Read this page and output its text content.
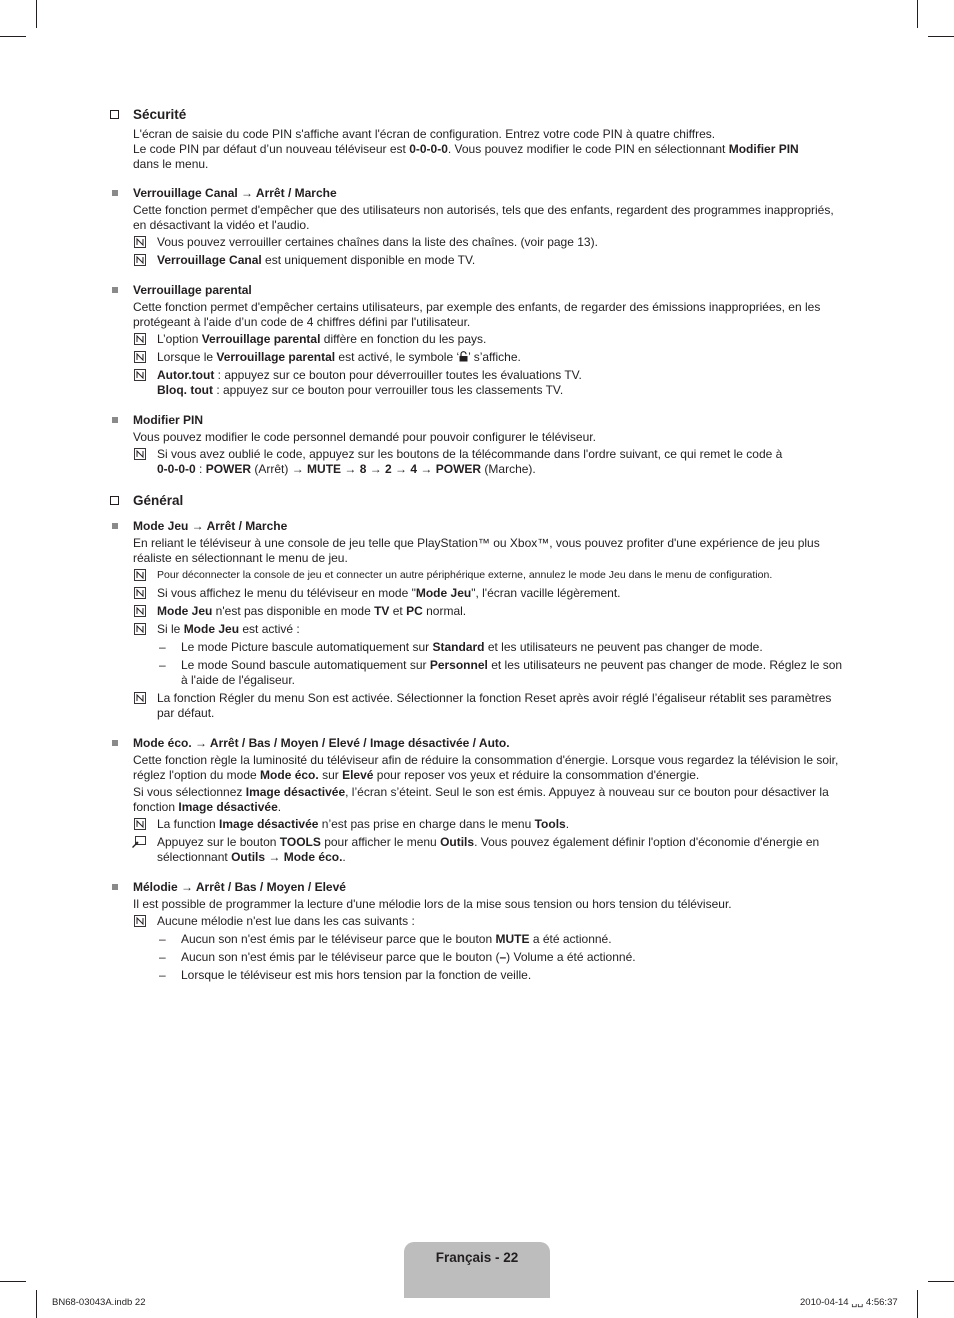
Sécurité
L'écran de saisie du code PIN s'affiche avant l'écran de configuration. Entrez votre code PIN à quatre chiffres.
Le code PIN par défaut d’un nouveau téléviseur est 0-0-0-0. Vous pouvez modifier le code PIN en sélectionnant Modifier PIN
dans le menu.
Verrouillage Canal → Arrêt / Marche
Cette fonction permet d'empêcher que des utilisateurs non autorisés, tels que des enfants, regardent des programmes inappropriés, en désactivant la vidéo et l'audio.
Vous pouvez verrouiller certaines chaînes dans la liste des chaînes. (voir page 13).
Verrouillage Canal est uniquement disponible en mode TV.
Verrouillage parental
Cette fonction permet d'empêcher certains utilisateurs, par exemple des enfants, de regarder des émissions inappropriées, en les protégeant à l'aide d’un code de 4 chiffres défini par l'utilisateur.
L’option Verrouillage parental diffère en fonction du les pays.
Lorsque le Verrouillage parental est activé, le symbole ‘ ’ s’affiche.
Autor.tout : appuyez sur ce bouton pour déverrouiller toutes les évaluations TV.
Bloq. tout : appuyez sur ce bouton pour verrouiller tous les classements TV.
Modifier PIN
Vous pouvez modifier le code personnel demandé pour pouvoir configurer le téléviseur.
Si vous avez oublié le code, appuyez sur les boutons de la télécommande dans l'ordre suivant, ce qui remet le code à
0-0-0-0 : POWER (Arrêt) → MUTE → 8 → 2 → 4 → POWER (Marche).
Général
Mode Jeu → Arrêt / Marche
En reliant le téléviseur à une console de jeu telle que PlayStation™ ou Xbox™, vous pouvez profiter d'une expérience de jeu plus réaliste en sélectionnant le menu de jeu.
Pour déconnecter la console de jeu et connecter un autre périphérique externe, annulez le mode Jeu dans le menu de configuration.
Si vous affichez le menu du téléviseur en mode "Mode Jeu", l'écran vacille légèrement.
Mode Jeu n'est pas disponible en mode TV et PC normal.
Si le Mode Jeu est activé :
– Le mode Picture bascule automatiquement sur Standard et les utilisateurs ne peuvent pas changer de mode.
– Le mode Sound bascule automatiquement sur Personnel et les utilisateurs ne peuvent pas changer de mode. Réglez le son à l'aide de l'égaliseur.
La fonction Régler du menu Son est activée. Sélectionner la fonction Reset après avoir réglé l’égaliseur rétablit ses paramètres par défaut.
Mode éco. → Arrêt / Bas / Moyen / Elevé / Image désactivée / Auto.
Cette fonction règle la luminosité du téléviseur afin de réduire la consommation d'énergie. Lorsque vous regardez la télévision le soir, réglez l'option du mode Mode éco. sur Elevé pour reposer vos yeux et réduire la consommation d'énergie.
Si vous sélectionnez Image désactivée, l’écran s’éteint. Seul le son est émis. Appuyez à nouveau sur ce bouton pour désactiver la fonction Image désactivée.
La function Image désactivée n’est pas prise en charge dans le menu Tools.
Appuyez sur le bouton TOOLS pour afficher le menu Outils. Vous pouvez également définir l'option d'économie d'énergie en sélectionnant Outils → Mode éco..
Mélodie → Arrêt / Bas / Moyen / Elevé
Il est possible de programmer la lecture d'une mélodie lors de la mise sous tension ou hors tension du téléviseur.
Aucune mélodie n'est lue dans les cas suivants :
– Aucun son n'est émis par le téléviseur parce que le bouton MUTE a été actionné.
– Aucun son n'est émis par le téléviseur parce que le bouton (–) Volume a été actionné.
– Lorsque le téléviseur est mis hors tension par la fonction de veille.
Français - 22
BN68-03043A.indb 22	2010-04-14 ␣␣ 4:56:37
